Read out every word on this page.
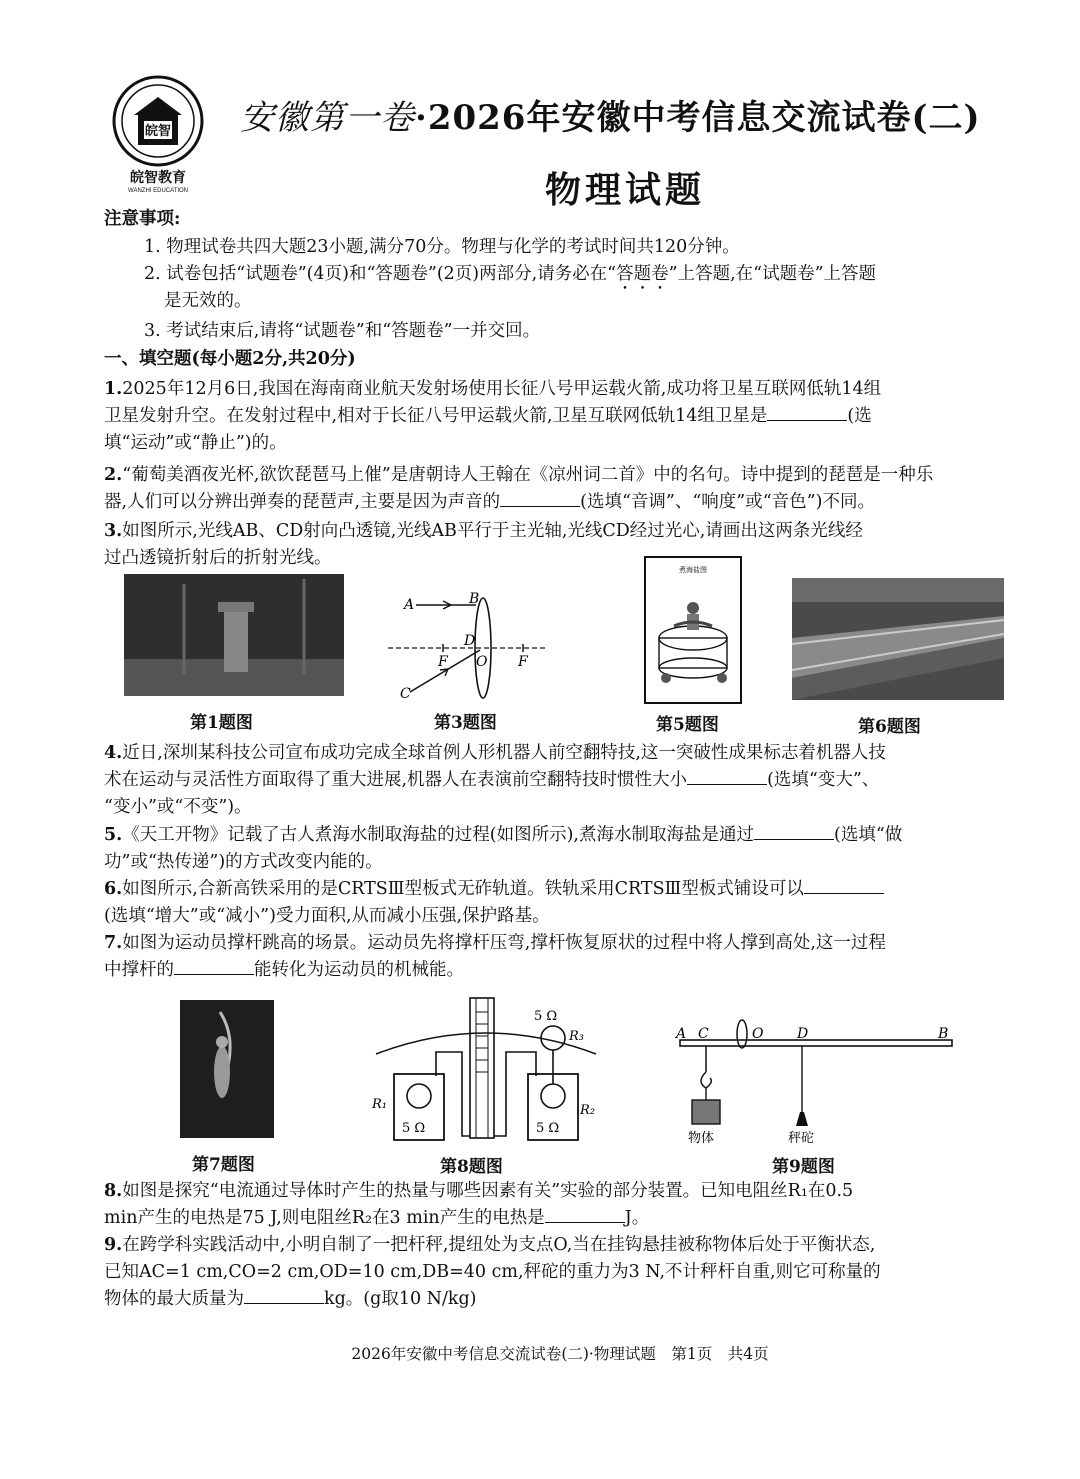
皖智
皖智教育
WANZHI EDUCATION
安徽第一卷·2026年安徽中考信息交流试卷(二)
物理试题
注意事项:
1. 物理试卷共四大题23小题,满分70分。物理与化学的考试时间共120分钟。
2. 试卷包括“试题卷”(4页)和“答题卷”(2页)两部分,请务必在“答题卷”上答题,在“试题卷”上答题
是无效的。
3. 考试结束后,请将“试题卷”和“答题卷”一并交回。
一、填空题(每小题2分,共20分)
1.2025年12月6日,我国在海南商业航天发射场使用长征八号甲运载火箭,成功将卫星互联网低轨14组
卫星发射升空。在发射过程中,相对于长征八号甲运载火箭,卫星互联网低轨14组卫星是	(选
填“运动”或“静止”)的。
2.“葡萄美酒夜光杯,欲饮琵琶马上催”是唐朝诗人王翰在《凉州词二首》中的名句。诗中提到的琵琶是一种乐
器,人们可以分辨出弹奏的琵琶声,主要是因为声音的	(选填“音调”、“响度”或“音色”)不同。
3.如图所示,光线AB、CD射向凸透镜,光线AB平行于主光轴,光线CD经过光心,请画出这两条光线经
过凸透镜折射后的折射光线。
第1题图
A	B
C
D
F O F
第3题图
煮海盐图
第5题图	第6题图
4.近日,深圳某科技公司宣布成功完成全球首例人形机器人前空翻特技,这一突破性成果标志着机器人技
术在运动与灵活性方面取得了重大进展,机器人在表演前空翻特技时惯性大小	(选填“变大”、
“变小”或“不变”)。
5.《天工开物》记载了古人煮海水制取海盐的过程(如图所示),煮海水制取海盐是通过	(选填“做
功”或“热传递”)的方式改变内能的。
6.如图所示,合新高铁采用的是CRTSⅢ型板式无砟轨道。铁轨采用CRTSⅢ型板式铺设可以
(选填“增大”或“减小”)受力面积,从而减小压强,保护路基。
7.如图为运动员撑杆跳高的场景。运动员先将撑杆压弯,撑杆恢复原状的过程中将人撑到高处,这一过程
中撑杆的	能转化为运动员的机械能。
第7题图
5 Ω
R₃
R₁	R₂
5 Ω	5 Ω
第8题图
A C	O D	B
物体	秤砣
第9题图
8.如图是探究“电流通过导体时产生的热量与哪些因素有关”实验的部分装置。已知电阻丝R₁在0.5
min产生的电热是75 J,则电阻丝R₂在3 min产生的电热是	J。
9.在跨学科实践活动中,小明自制了一把杆秤,提纽处为支点O,当在挂钩悬挂被称物体后处于平衡状态,
已知AC=1 cm,CO=2 cm,OD=10 cm,DB=40 cm,秤砣的重力为3 N,不计秤杆自重,则它可称量的
物体的最大质量为	kg。(g取10 N/kg)
2026年安徽中考信息交流试卷(二)·物理试题　第1页　共4页
